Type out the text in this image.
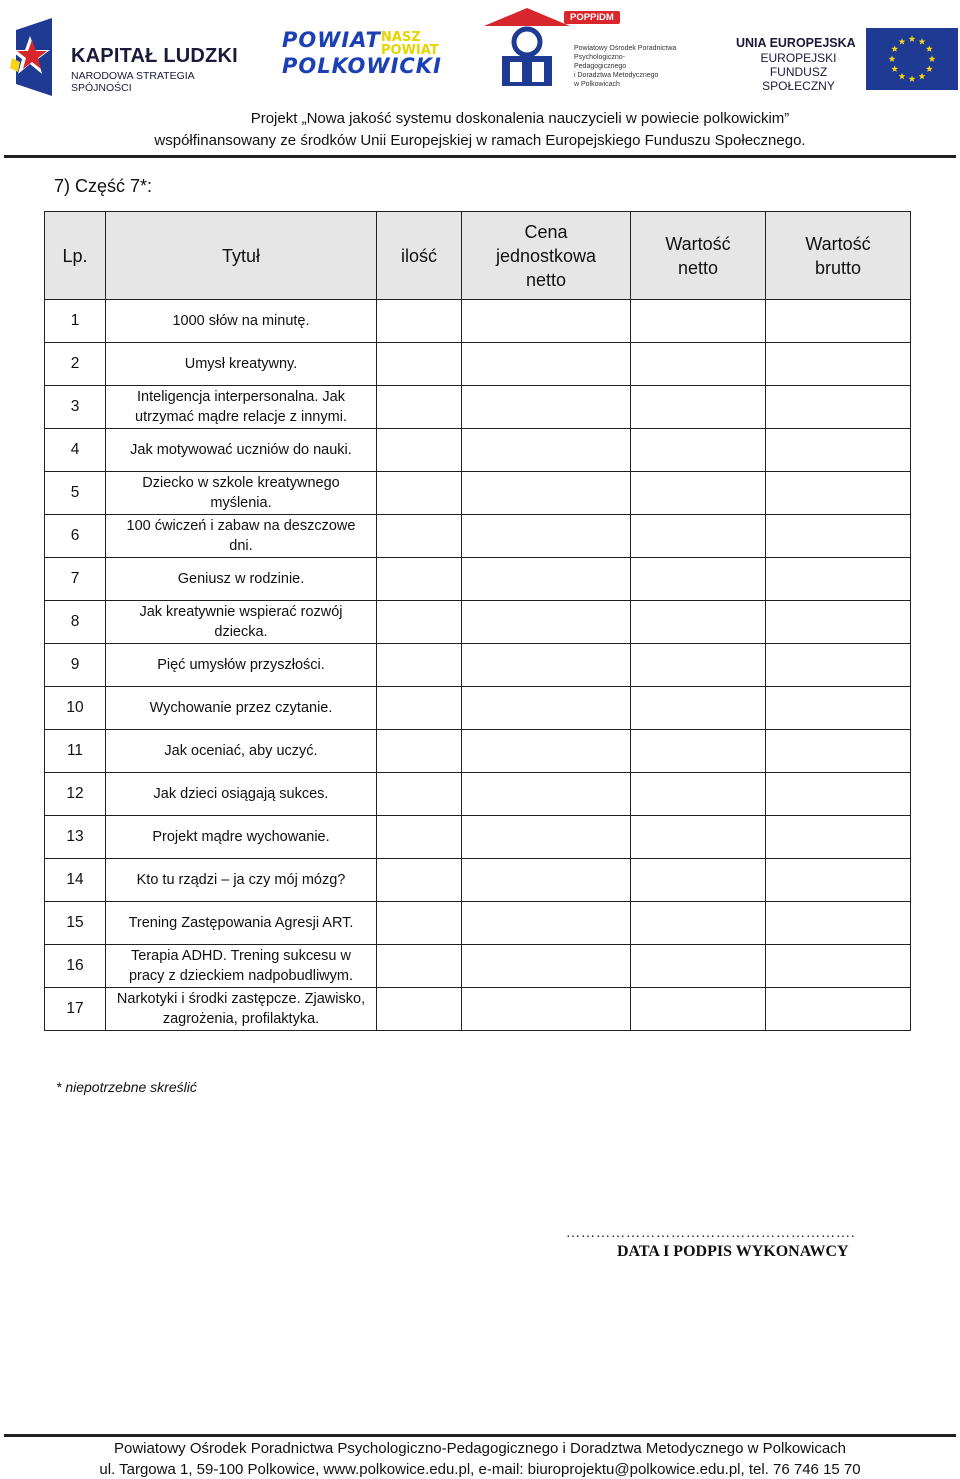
KAPITAŁ LUDZKI
NARODOWA STRATEGIA SPÓJNOŚCI
POWIAT NASZ
POWIAT
POLKOWICKI
POPPiDM
Powiatowy Ośrodek Poradnictwa
Psychologiczno-Pedagogicznego
i Doradztwa Metodycznego
w Polkowicach
UNIA EUROPEJSKA
EUROPEJSKI
FUNDUSZ SPOŁECZNY
Projekt „Nowa jakość systemu doskonalenia nauczycieli w powiecie polkowickim”
współfinansowany ze środków Unii Europejskiej w ramach Europejskiego Funduszu Społecznego.
7) Część 7*:
Lp.	Tytuł	ilość	Cena jednostkowa netto	Wartość netto	Wartość brutto

1	1000 słów na minutę.				

2	Umysł kreatywny.				

3	Inteligencja interpersonalna. Jak utrzymać mądre relacje z innymi.				

4	Jak motywować uczniów do nauki.				

5	Dziecko w szkole kreatywnego myślenia.				

6	100 ćwiczeń i zabaw na deszczowe dni.				

7	Geniusz w rodzinie.				

8	Jak kreatywnie wspierać rozwój dziecka.				

9	Pięć umysłów przyszłości.				

10	Wychowanie przez czytanie.				

11	Jak oceniać, aby uczyć.				

12	Jak dzieci osiągają sukces.				

13	Projekt mądre wychowanie.				

14	Kto tu rządzi – ja czy mój mózg?				

15	Trening Zastępowania Agresji ART.				

16	Terapia ADHD. Trening sukcesu w pracy z dzieckiem nadpobudliwym.				

17	Narkotyki i środki zastępcze. Zjawisko, zagrożenia, profilaktyka.				

* niepotrzebne skreślić
………………………………………………….
DATA I PODPIS WYKONAWCY
Powiatowy Ośrodek Poradnictwa Psychologiczno-Pedagogicznego i Doradztwa Metodycznego w Polkowicach
ul. Targowa 1, 59-100 Polkowice, www.polkowice.edu.pl, e-mail: biuroprojektu@polkowice.edu.pl, tel. 76 746 15 70
